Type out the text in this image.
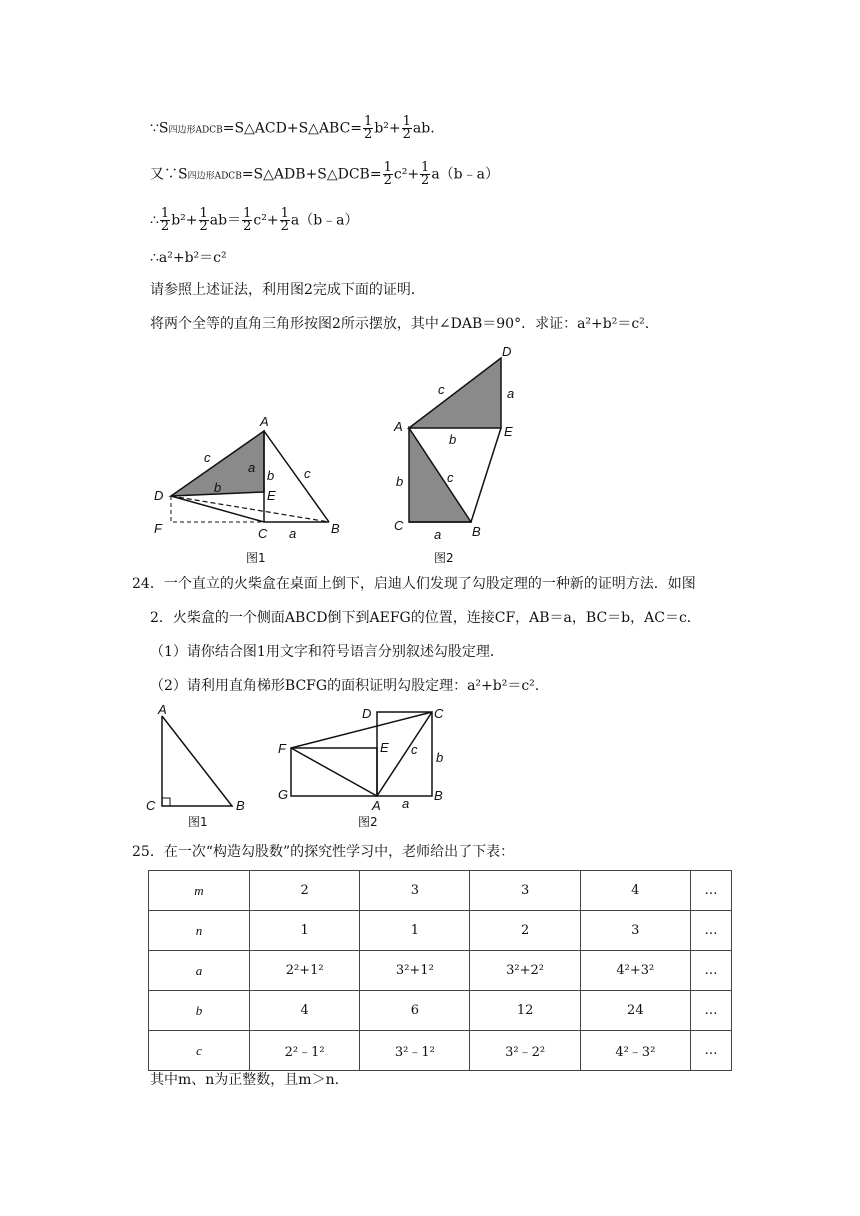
∵S四边形ADCB=S△ACD+S△ABC= $\frac{1}{2} b^2+ \frac{1}{2}$ ab.
又∵S四边形ADCB=S△ADB+S△DCB= $\frac{1}{2} c^2+ \frac{1}{2}$ a（b﹣a）
∴ $\frac{1}{2} b^2+ \frac{1}{2} ab= \frac{1}{2} c^2+ \frac{1}{2}$ a（b﹣a）
∴a²+b²＝c²
请参照上述证法，利用图2完成下面的证明．
将两个全等的直角三角形按图2所示摆放，其中∠DAB＝90°．求证：a²+b²＝c².
A
D	E
F	C	B
c
a
b
b c
a
图1
D
A	E
C	B
c	a
b
c
b
a
图2
24．一个直立的火柴盒在桌面上倒下，启迪人们发现了勾股定理的一种新的证明方法．如图
2．火柴盒的一个侧面ABCD倒下到AEFG的位置，连接CF，AB＝a，BC＝b，AC＝c．
（1）请你结合图1用文字和符号语言分别叙述勾股定理．
（2）请利用直角梯形BCFG的面积证明勾股定理：a²+b²＝c².
A
C	B
图1
D	C
F	E
G
A
B
c
b
a
图2
25．在一次“构造勾股数”的探究性学习中，老师给出了下表：
m	2	3	3	4	…
n	1	1	2	3	…
a	2²+1²	3²+1²	3²+2²	4²+3²	…
b	4	6	12	24	…
c	2²﹣1²	3²﹣1²	3²﹣2²	4²﹣3²	…
其中m、n为正整数，且m＞n.
